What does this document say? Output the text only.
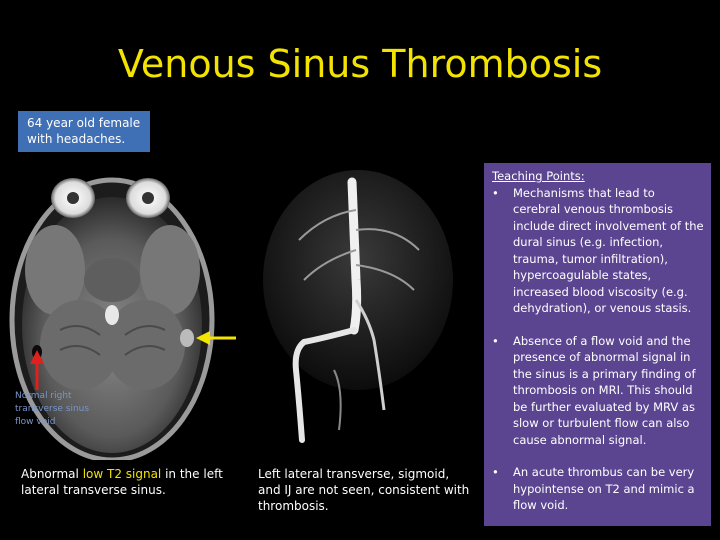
Venous Sinus Thrombosis
64 year old female
with headaches.
Normal right transverse sinus flow void
Teaching Points:
•	Mechanisms that lead to cerebral venous thrombosis include direct involvement of the dural sinus (e.g. infection, trauma, tumor infiltration), hypercoagulable states, increased blood viscosity (e.g. dehydration), or venous stasis.
•	Absence of a flow void and the presence of abnormal signal in the sinus is a primary finding of thrombosis on MRI. This should be further evaluated by MRV as slow or turbulent flow can also cause abnormal signal.
•	An acute thrombus can be very hypointense on T2 and mimic a flow void.
Abnormal low T2 signal in the left lateral transverse sinus.
Left lateral transverse, sigmoid, and IJ are not seen, consistent with thrombosis.
